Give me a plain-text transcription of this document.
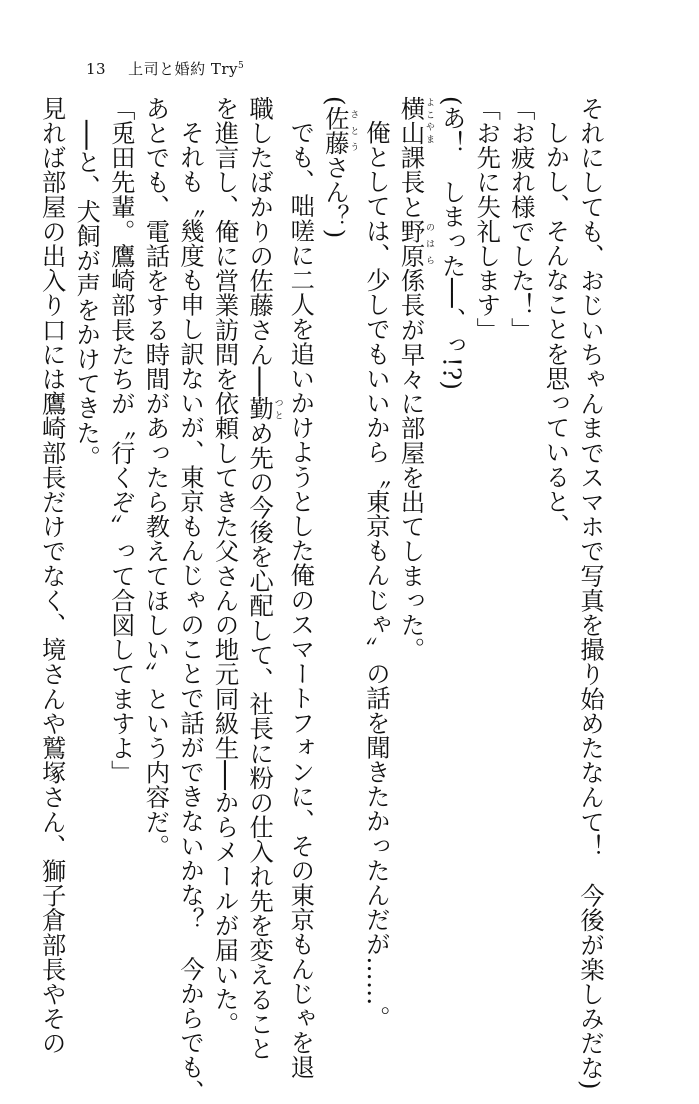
13 上司と婚約 Try$^5$
それにしても、おじいちゃんまでスマホで写真を撮り始めたなんて！　今後が楽しみだな)
しかし、そんなことを思っていると、
「お疲れ様でした！」
「お先に失礼します」
(あ！　しまった──、っ!?)
横山よこやま課長と野原のはら係長が早々に部屋を出てしまった。
俺としては、少しでもいいから〝東京もんじゃ〟の話を聞きたかったんだが……。
(佐藤さとうさん？)
でも、咄嗟に二人を追いかけようとした俺のスマートフォンに、その東京もんじゃを退
職したばかりの佐藤さん──勤つとめ先の今後を心配して、社長に粉の仕入れ先を変えること
を進言し、俺に営業訪問を依頼してきた父さんの地元同級生──からメールが届いた。
それも〝幾度も申し訳ないが、東京もんじゃのことで話ができないかな？　今からでも、
あとでも、電話をする時間があったら教えてほしい〟という内容だ。
「兎田先輩。鷹崎部長たちが〝行くぞ〟って合図してますよ」
──と、犬飼が声をかけてきた。
見れば部屋の出入り口には鷹崎部長だけでなく、境さんや鷲塚さん、獅子倉部長やその
